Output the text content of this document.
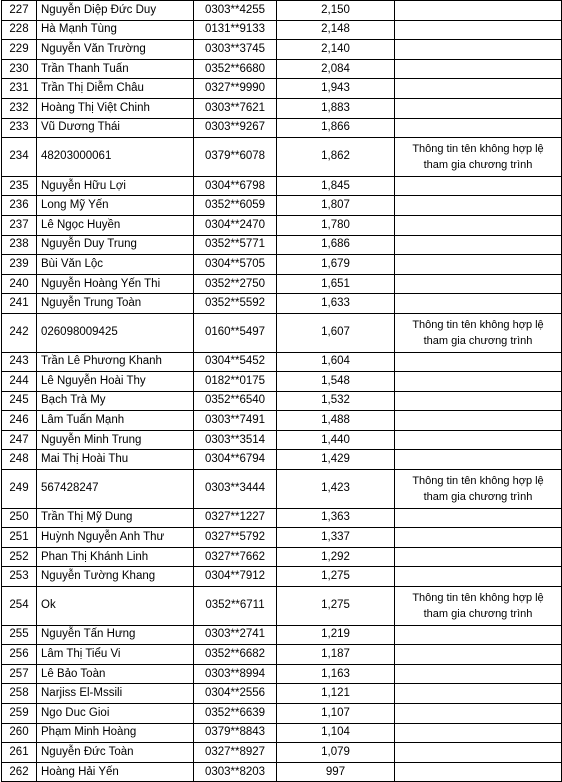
227	Nguyễn Diệp Đức Duy	0303**4255	2,150	
228	Hà Mạnh Tùng	0131**9133	2,148	
229	Nguyễn Văn Trường	0303**3745	2,140	
230	Trần Thanh Tuấn	0352**6680	2,084	
231	Trần Thị Diễm Châu	0327**9990	1,943	
232	Hoàng Thị Việt Chinh	0303**7621	1,883	
233	Vũ Dương Thái	0303**9267	1,866	
234	48203000061	0379**6078	1,862	Thông tin tên không hợp lệ tham gia chương trình
235	Nguyễn Hữu Lợi	0304**6798	1,845	
236	Long Mỹ Yến	0352**6059	1,807	
237	Lê Ngọc Huyền	0304**2470	1,780	
238	Nguyễn Duy Trung	0352**5771	1,686	
239	Bùi Văn Lộc	0304**5705	1,679	
240	Nguyễn Hoàng Yến Thi	0352**2750	1,651	
241	Nguyễn Trung Toàn	0352**5592	1,633	
242	026098009425	0160**5497	1,607	Thông tin tên không hợp lệ tham gia chương trình
243	Trần Lê Phương Khanh	0304**5452	1,604	
244	Lê Nguyễn Hoài Thy	0182**0175	1,548	
245	Bạch Trà My	0352**6540	1,532	
246	Lâm Tuấn Mạnh	0303**7491	1,488	
247	Nguyễn Minh Trung	0303**3514	1,440	
248	Mai Thị Hoài Thu	0304**6794	1,429	
249	567428247	0303**3444	1,423	Thông tin tên không hợp lệ tham gia chương trình
250	Trần Thị Mỹ Dung	0327**1227	1,363	
251	Huỳnh Nguyễn Anh Thư	0327**5792	1,337	
252	Phan Thị Khánh Linh	0327**7662	1,292	
253	Nguyễn Tường Khang	0304**7912	1,275	
254	Ok	0352**6711	1,275	Thông tin tên không hợp lệ tham gia chương trình
255	Nguyễn Tấn Hưng	0303**2741	1,219	
256	Lâm Thị Tiểu Vi	0352**6682	1,187	
257	Lê Bảo Toàn	0303**8994	1,163	
258	Narjiss El-Mssili	0304**2556	1,121	
259	Ngo Duc Gioi	0352**6639	1,107	
260	Phạm Minh Hoàng	0379**8843	1,104	
261	Nguyễn Đức Toàn	0327**8927	1,079	
262	Hoàng Hải Yến	0303**8203	997	
